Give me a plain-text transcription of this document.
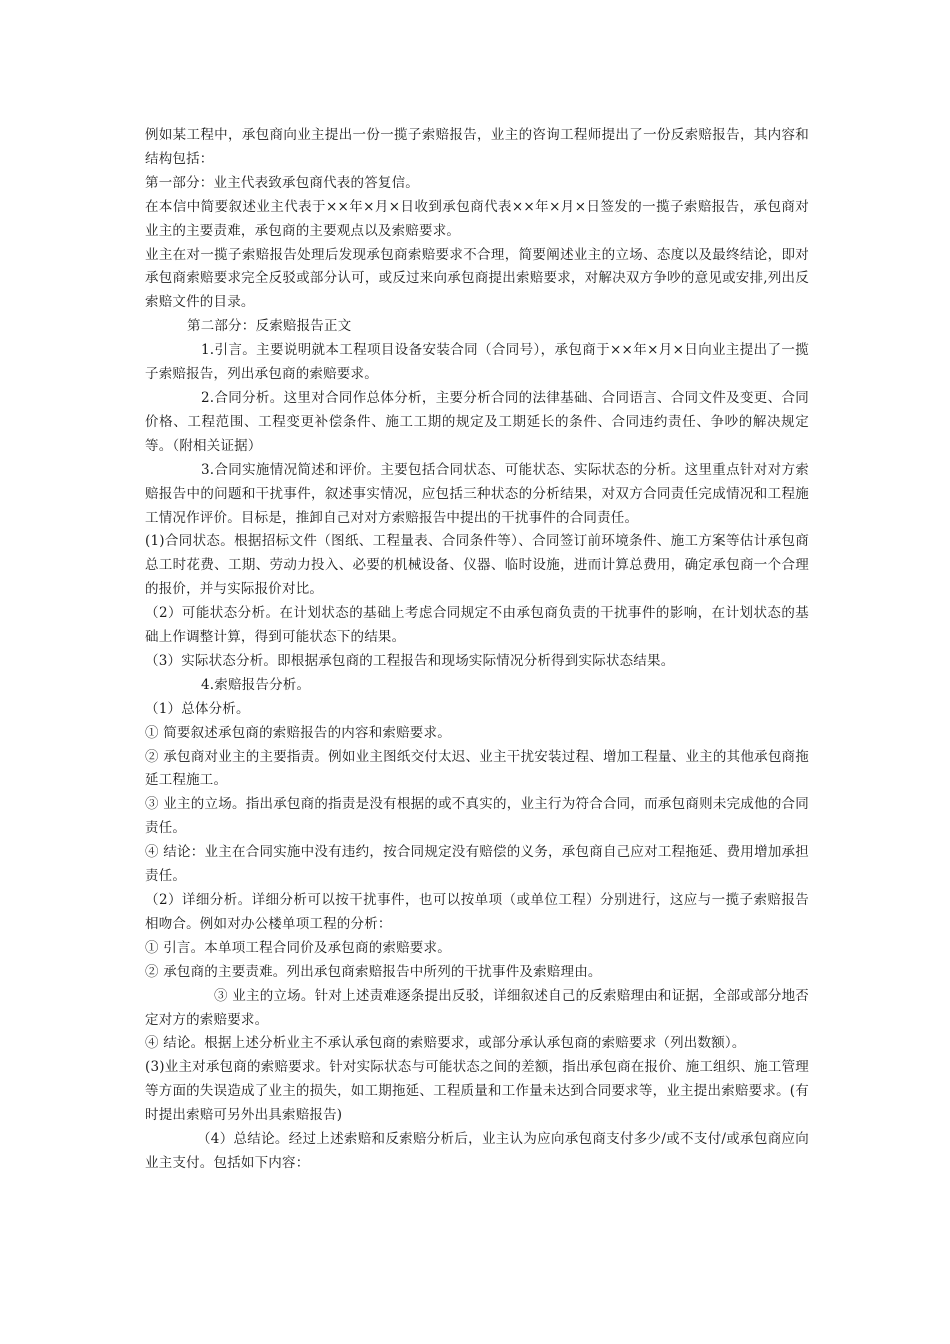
例如某工程中，承包商向业主提出一份一揽子索赔报告，业主的咨询工程师提出了一份反索赔报告，其内容和结构包括：

第一部分：业主代表致承包商代表的答复信。

在本信中简要叙述业主代表于××年×月×日收到承包商代表××年×月×日签发的一揽子索赔报告，承包商对业主的主要责难，承包商的主要观点以及索赔要求。

业主在对一揽子索赔报告处理后发现承包商索赔要求不合理，简要阐述业主的立场、态度以及最终结论，即对承包商索赔要求完全反驳或部分认可，或反过来向承包商提出索赔要求，对解决双方争吵的意见或安排,列出反索赔文件的目录。

第二部分：反索赔报告正文

1.引言。主要说明就本工程项目设备安装合同（合同号），承包商于××年×月×日向业主提出了一揽子索赔报告，列出承包商的索赔要求。

2.合同分析。这里对合同作总体分析，主要分析合同的法律基础、合同语言、合同文件及变更、合同价格、工程范围、工程变更补偿条件、施工工期的规定及工期延长的条件、合同违约责任、争吵的解决规定等。（附相关证据）

3.合同实施情况简述和评价。主要包括合同状态、可能状态、实际状态的分析。这里重点针对对方索赔报告中的问题和干扰事件，叙述事实情况，应包括三种状态的分析结果，对双方合同责任完成情况和工程施工情况作评价。目标是，推卸自己对对方索赔报告中提出的干扰事件的合同责任。

(1)合同状态。根据招标文件（图纸、工程量表、合同条件等）、合同签订前环境条件、施工方案等估计承包商总工时花费、工期、劳动力投入、必要的机械设备、仪器、临时设施，进而计算总费用，确定承包商一个合理的报价，并与实际报价对比。

（2）可能状态分析。在计划状态的基础上考虑合同规定不由承包商负责的干扰事件的影响，在计划状态的基础上作调整计算，得到可能状态下的结果。

（3）实际状态分析。即根据承包商的工程报告和现场实际情况分析得到实际状态结果。

4.索赔报告分析。

（1）总体分析。

① 简要叙述承包商的索赔报告的内容和索赔要求。

② 承包商对业主的主要指责。例如业主图纸交付太迟、业主干扰安装过程、增加工程量、业主的其他承包商拖延工程施工。

③ 业主的立场。指出承包商的指责是没有根据的或不真实的，业主行为符合合同，而承包商则未完成他的合同责任。

④ 结论：业主在合同实施中没有违约，按合同规定没有赔偿的义务，承包商自己应对工程拖延、费用增加承担责任。

（2）详细分析。详细分析可以按干扰事件，也可以按单项（或单位工程）分别进行，这应与一揽子索赔报告相吻合。例如对办公楼单项工程的分析：

① 引言。本单项工程合同价及承包商的索赔要求。

② 承包商的主要责难。列出承包商索赔报告中所列的干扰事件及索赔理由。

③ 业主的立场。针对上述责难逐条提出反驳，详细叙述自己的反索赔理由和证据，全部或部分地否定对方的索赔要求。

④ 结论。根据上述分析业主不承认承包商的索赔要求，或部分承认承包商的索赔要求（列出数额）。

(3)业主对承包商的索赔要求。针对实际状态与可能状态之间的差额，指出承包商在报价、施工组织、施工管理等方面的失误造成了业主的损失，如工期拖延、工程质量和工作量未达到合同要求等，业主提出索赔要求。(有时提出索赔可另外出具索赔报告)

（4）总结论。经过上述索赔和反索赔分析后，业主认为应向承包商支付多少/或不支付/或承包商应向业主支付。包括如下内容：
